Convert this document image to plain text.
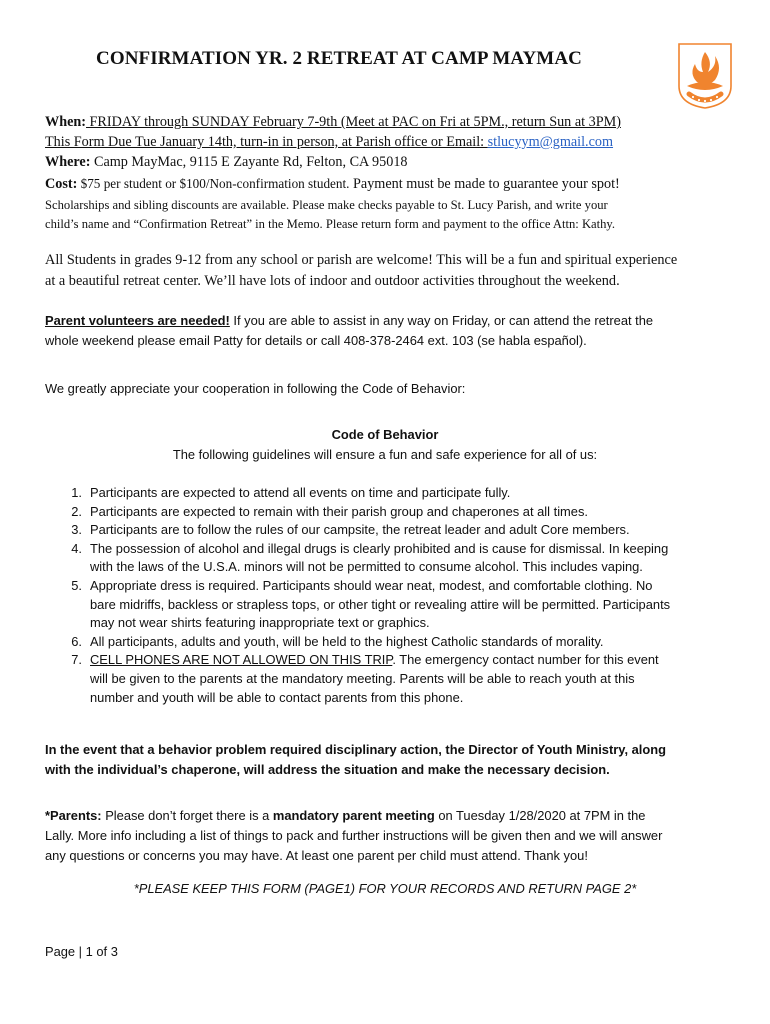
CONFIRMATION YR. 2 RETREAT AT CAMP MAYMAC
When: FRIDAY through SUNDAY February 7-9th (Meet at PAC on Fri at 5PM., return Sun at 3PM)
This Form Due Tue January 14th, turn-in in person, at Parish office or Email: stlucyym@gmail.com
Where: Camp MayMac, 9115 E Zayante Rd, Felton, CA 95018
Cost: $75 per student or $100/Non-confirmation student. Payment must be made to guarantee your spot!
Scholarships and sibling discounts are available. Please make checks payable to St. Lucy Parish, and write your
child’s name and “Confirmation Retreat” in the Memo. Please return form and payment to the office Attn: Kathy.
All Students in grades 9-12 from any school or parish are welcome! This will be a fun and spiritual experience
at a beautiful retreat center. We’ll have lots of indoor and outdoor activities throughout the weekend.
Parent volunteers are needed! If you are able to assist in any way on Friday, or can attend the retreat the
whole weekend please email Patty for details or call 408-378-2464 ext. 103 (se habla español).
We greatly appreciate your cooperation in following the Code of Behavior:
Code of Behavior
The following guidelines will ensure a fun and safe experience for all of us:
1. Participants are expected to attend all events on time and participate fully.
2. Participants are expected to remain with their parish group and chaperones at all times.
3. Participants are to follow the rules of our campsite, the retreat leader and adult Core members.
4. The possession of alcohol and illegal drugs is clearly prohibited and is cause for dismissal. In keeping
with the laws of the U.S.A. minors will not be permitted to consume alcohol. This includes vaping.
5. Appropriate dress is required. Participants should wear neat, modest, and comfortable clothing. No
bare midriffs, backless or strapless tops, or other tight or revealing attire will be permitted. Participants
may not wear shirts featuring inappropriate text or graphics.
6. All participants, adults and youth, will be held to the highest Catholic standards of morality.
7. CELL PHONES ARE NOT ALLOWED ON THIS TRIP. The emergency contact number for this event
will be given to the parents at the mandatory meeting. Parents will be able to reach youth at this
number and youth will be able to contact parents from this phone.
In the event that a behavior problem required disciplinary action, the Director of Youth Ministry, along
with the individual’s chaperone, will address the situation and make the necessary decision.
*Parents: Please don’t forget there is a mandatory parent meeting on Tuesday 1/28/2020 at 7PM in the
Lally. More info including a list of things to pack and further instructions will be given then and we will answer
any questions or concerns you may have. At least one parent per child must attend. Thank you!
*PLEASE KEEP THIS FORM (PAGE1) FOR YOUR RECORDS AND RETURN PAGE 2*
Page | 1 of 3
